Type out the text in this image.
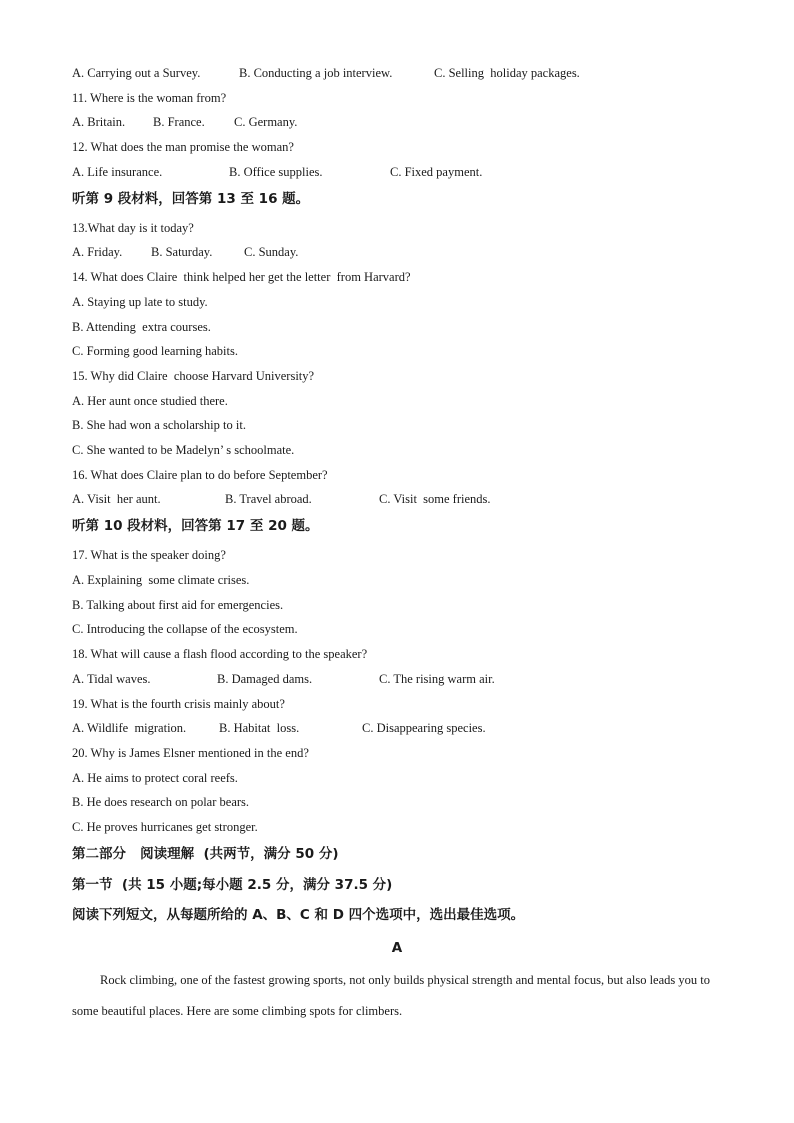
A. Carrying out a Survey.

	B. Conducting a job interview.

	C. Selling  holiday packages.

11. Where is the woman from?

A. Britain.

B. France.

C. Germany.

12. What does the man promise the woman?

A. Life insurance.

	B. Office supplies.

	C. Fixed payment.

听第 9 段材料，回答第 13 至 16 题。
13.What day is it today?

A. Friday.

B. Saturday.

	C. Sunday.

14. What does Claire  think helped her get the letter  from Harvard?
A. Staying up late to study.
B. Attending  extra courses.
C. Forming good learning habits.
15. Why did Claire  choose Harvard University?
A. Her aunt once studied there.
B. She had won a scholarship to it.
C. She wanted to be Madelyn’ s schoolmate.
16. What does Claire plan to do before September?

A. Visit  her aunt.

	B. Travel abroad.

	C. Visit  some friends.

听第 10 段材料，回答第 17 至 20 题。
17. What is the speaker doing?
A. Explaining  some climate crises.
B. Talking about first aid for emergencies.
C. Introducing the collapse of the ecosystem.
18. What will cause a flash flood according to the speaker?

A. Tidal waves.

	B. Damaged dams.

	C. The rising warm air.

19. What is the fourth crisis mainly about?

A. Wildlife  migration.

	B. Habitat  loss.

	C. Disappearing species.

20. Why is James Elsner mentioned in the end?
A. He aims to protect coral reefs.
B. He does research on polar bears.
C. He proves hurricanes get stronger.
第二部分   阅读理解  (共两节，满分 50 分)
第一节  (共 15 小题;每小题 2.5 分，满分 37.5 分)
阅读下列短文，从每题所给的 A、B、C 和 D 四个选项中，选出最佳选项。
A
Rock climbing, one of the fastest growing sports, not only builds physical strength and mental focus, but also leads you to some beautiful places. Here are some climbing spots for climbers.
